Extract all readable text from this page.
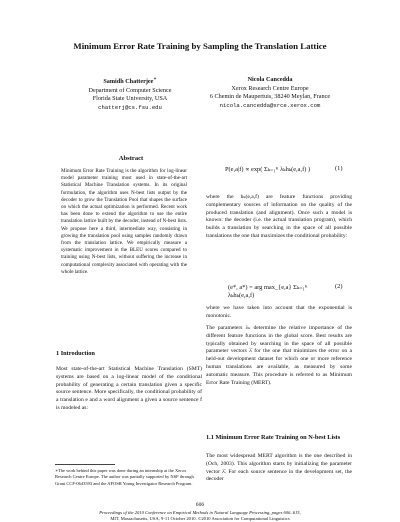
Minimum Error Rate Training by Sampling the Translation Lattice
Samidh Chatterjee∗
Department of Computer Science
Florida State University, USA
chatterj@cs.fsu.edu
Nicola Cancedda
Xerox Research Centre Europe
6 Chemin de Maupertuis, 38240 Meylan, France
nicola.cancedda@xrce.xerox.com
Abstract
Minimum Error Rate Training is the algorithm for log-linear model parameter training most used in state-of-the-art Statistical Machine Translation systems. In its original formulation, the algorithm uses N-best lists output by the decoder to grow the Translation Pool that shapes the surface on which the actual optimization is performed. Recent work has been done to extend the algorithm to use the entire translation lattice built by the decoder, instead of N-best lists. We propose here a third, intermediate way, consisting in growing the translation pool using samples randomly drawn from the translation lattice. We empirically measure a systematic improvement in the BLEU scores compared to training using N-best lists, without suffering the increase in computational complexity associated with operating with the whole lattice.
1 Introduction
Most state-of-the-art Statistical Machine Translation (SMT) systems are based on a log-linear model of the conditional probability of generating a certain translation given a specific source sentence. More specifically, the conditional probability of a translation e and a word alignment a given a source sentence f is modeled as:
∗The work behind this paper was done during an internship at the Xerox Research Centre Europe. The author was partially supported by NSF through Grant CCF-0643593 and the AFOSR Young Investigator Research Program.
P(e,a|f) ∝ exp( Σₖ₌₁ᴷ λₖhₖ(e,a,f) )	(1)
where the hₖ(e,a,f) are feature functions providing complementary sources of information on the quality of the produced translation (and alignment). Once such a model is known: the decoder (i.e. the actual translation program), which builds a translation by searching in the space of all possible translations the one that maximizes the conditional probability:
(e*, a*) = arg max_{e,a} Σₖ₌₁ᴷ λₖhₖ(e,a,f)
(2)
where we have taken into account that the exponential is monotonic.
The parameters λₖ determine the relative importance of the different feature functions in the global score. Best results are typically obtained by searching in the space of all possible parameter vectors λ̄ for the one that minimizes the error on a held-out development dataset for which one or more reference human translations are available, as measured by some automatic measure. This procedure is referred to as Minimum Error Rate Training (MERT).
1.1 Minimum Error Rate Training on N-best Lists
The most widespread MERT algorithm is the one described in (Och, 2003). This algorithm starts by initializing the parameter vector λ̄. For each source sentence in the development set, the decoder
606
Proceedings of the 2010 Conference on Empirical Methods in Natural Language Processing, pages 606–615,
MIT, Massachusetts, USA, 9-11 October 2010. ©2010 Association for Computational Linguistics
